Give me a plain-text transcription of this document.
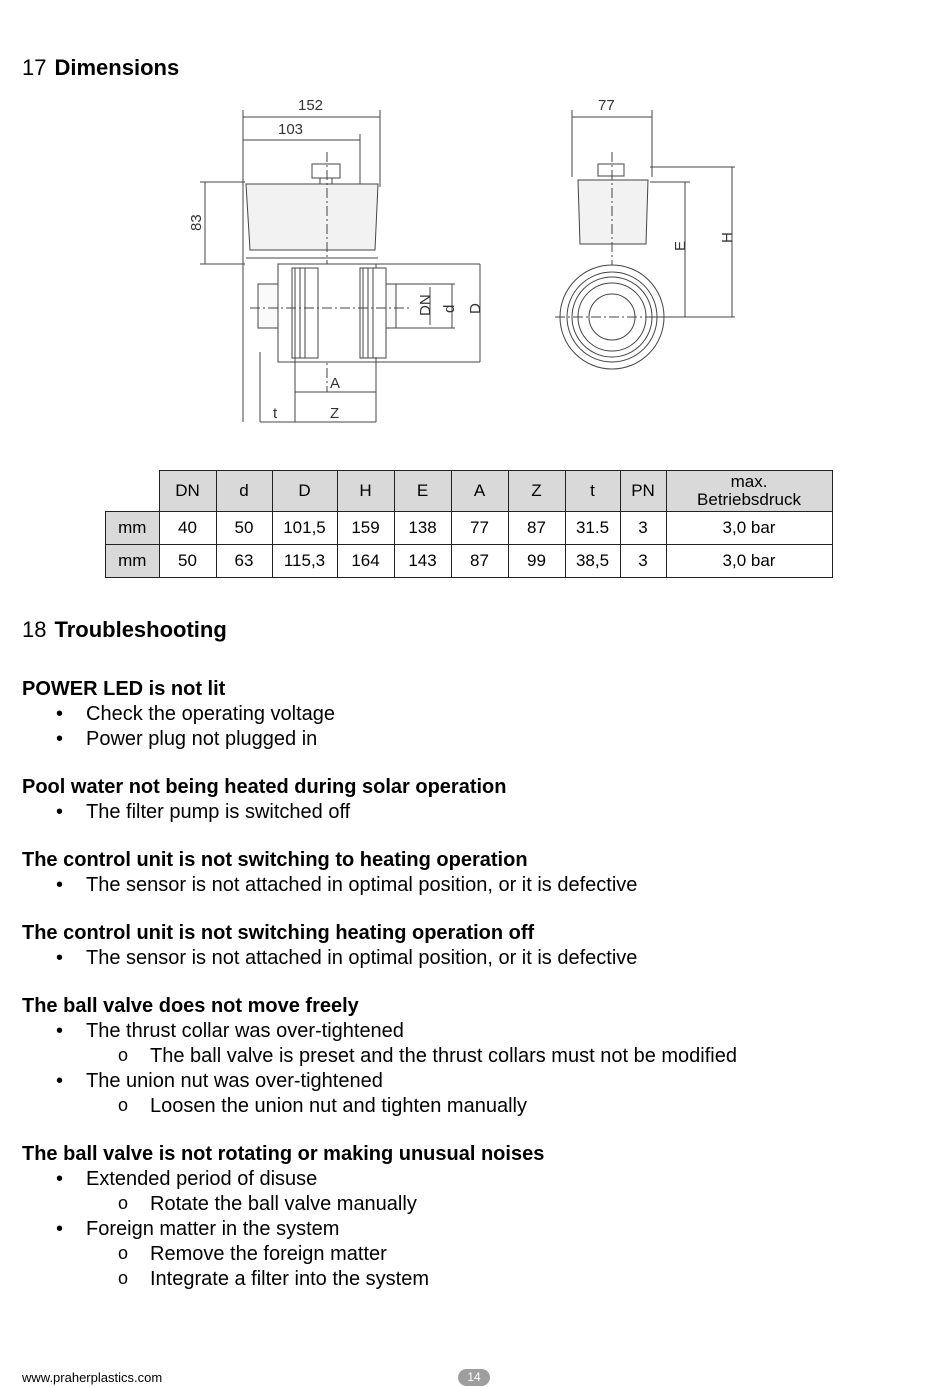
17 Dimensions
152
103
83
77
E
H
DN d D
A
Z
t
	DN	d	D	H	E	A	Z	t	PN	max.
Betriebsdruck

mm	40	50	101,5	159	138	77	87	31.5	3	3,0 bar
mm	50	63	115,3	164	143	87	99	38,5	3	3,0 bar
18 Troubleshooting
POWER LED is not lit
• Check the operating voltage
• Power plug not plugged in
Pool water not being heated during solar operation
• The filter pump is switched off
The control unit is not switching to heating operation
• The sensor is not attached in optimal position, or it is defective
The control unit is not switching heating operation off
• The sensor is not attached in optimal position, or it is defective
The ball valve does not move freely
• The thrust collar was over-tightened
o The ball valve is preset and the thrust collars must not be modified
• The union nut was over-tightened
o Loosen the union nut and tighten manually
The ball valve is not rotating or making unusual noises
• Extended period of disuse
o Rotate the ball valve manually
• Foreign matter in the system
o Remove the foreign matter
o Integrate a filter into the system
www.praherplastics.com	14
